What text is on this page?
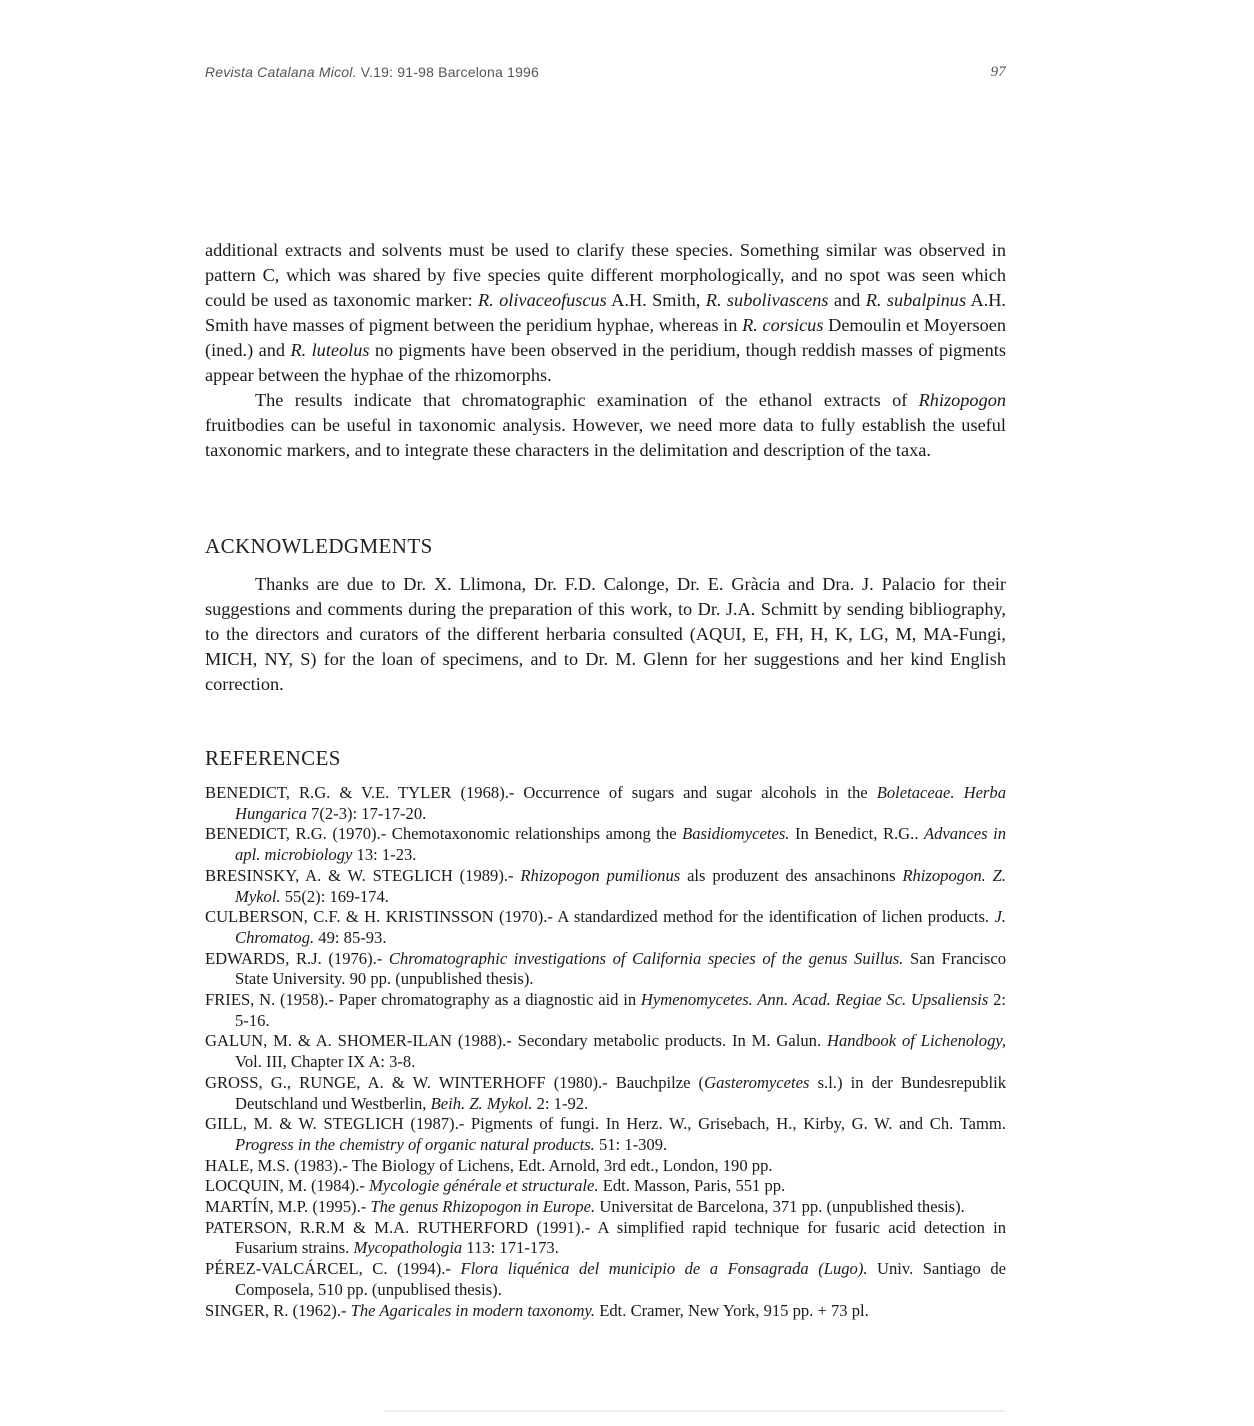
Revista Catalana Micol. V.19: 91-98 Barcelona 1996	97

additional extracts and solvents must be used to clarify these species. Something similar was observed in pattern C, which was shared by five species quite different morphologically, and no spot was seen which could be used as taxonomic marker: R. olivaceofuscus A.H. Smith, R. subolivascens and R. subalpinus A.H. Smith have masses of pigment between the peridium hyphae, whereas in R. corsicus Demoulin et Moyersoen (ined.) and R. luteolus no pigments have been observed in the peridium, though reddish masses of pigments appear between the hyphae of the rhizomorphs.

The results indicate that chromatographic examination of the ethanol extracts of Rhizopogon fruitbodies can be useful in taxonomic analysis. However, we need more data to fully establish the useful taxonomic markers, and to integrate these characters in the delimitation and description of the taxa.

ACKNOWLEDGMENTS

Thanks are due to Dr. X. Llimona, Dr. F.D. Calonge, Dr. E. Gràcia and Dra. J. Palacio for their suggestions and comments during the preparation of this work, to Dr. J.A. Schmitt by sending bibliography, to the directors and curators of the different herbaria consulted (AQUI, E, FH, H, K, LG, M, MA-Fungi, MICH, NY, S) for the loan of specimens, and to Dr. M. Glenn for her suggestions and her kind English correction.

REFERENCES

BENEDICT, R.G. & V.E. TYLER (1968).- Occurrence of sugars and sugar alcohols in the Boletaceae. Herba Hungarica 7(2-3): 17-17-20.

BENEDICT, R.G. (1970).- Chemotaxonomic relationships among the Basidiomycetes. In Benedict, R.G.. Advances in apl. microbiology 13: 1-23.

BRESINSKY, A. & W. STEGLICH (1989).- Rhizopogon pumilionus als produzent des ansachinons Rhizopogon. Z. Mykol. 55(2): 169-174.

CULBERSON, C.F. & H. KRISTINSSON (1970).- A standardized method for the identification of lichen products. J. Chromatog. 49: 85-93.

EDWARDS, R.J. (1976).- Chromatographic investigations of California species of the genus Suillus. San Francisco State University. 90 pp. (unpublished thesis).

FRIES, N. (1958).- Paper chromatography as a diagnostic aid in Hymenomycetes. Ann. Acad. Regiae Sc. Upsaliensis 2: 5-16.

GALUN, M. & A. SHOMER-ILAN (1988).- Secondary metabolic products. In M. Galun. Handbook of Lichenology, Vol. III, Chapter IX A: 3-8.

GROSS, G., RUNGE, A. & W. WINTERHOFF (1980).- Bauchpilze (Gasteromycetes s.l.) in der Bundesrepublik Deutschland und Westberlin, Beih. Z. Mykol. 2: 1-92.

GILL, M. & W. STEGLICH (1987).- Pigments of fungi. In Herz. W., Grisebach, H., Kirby, G. W. and Ch. Tamm. Progress in the chemistry of organic natural products. 51: 1-309.

HALE, M.S. (1983).- The Biology of Lichens, Edt. Arnold, 3rd edt., London, 190 pp.

LOCQUIN, M. (1984).- Mycologie générale et structurale. Edt. Masson, Paris, 551 pp.

MARTÍN, M.P. (1995).- The genus Rhizopogon in Europe. Universitat de Barcelona, 371 pp. (unpublished thesis).

PATERSON, R.R.M & M.A. RUTHERFORD (1991).- A simplified rapid technique for fusaric acid detection in Fusarium strains. Mycopathologia 113: 171-173.

PÉREZ-VALCÁRCEL, C. (1994).- Flora liquénica del municipio de a Fonsagrada (Lugo). Univ. Santiago de Composela, 510 pp. (unpublised thesis).

SINGER, R. (1962).- The Agaricales in modern taxonomy. Edt. Cramer, New York, 915 pp. + 73 pl.
